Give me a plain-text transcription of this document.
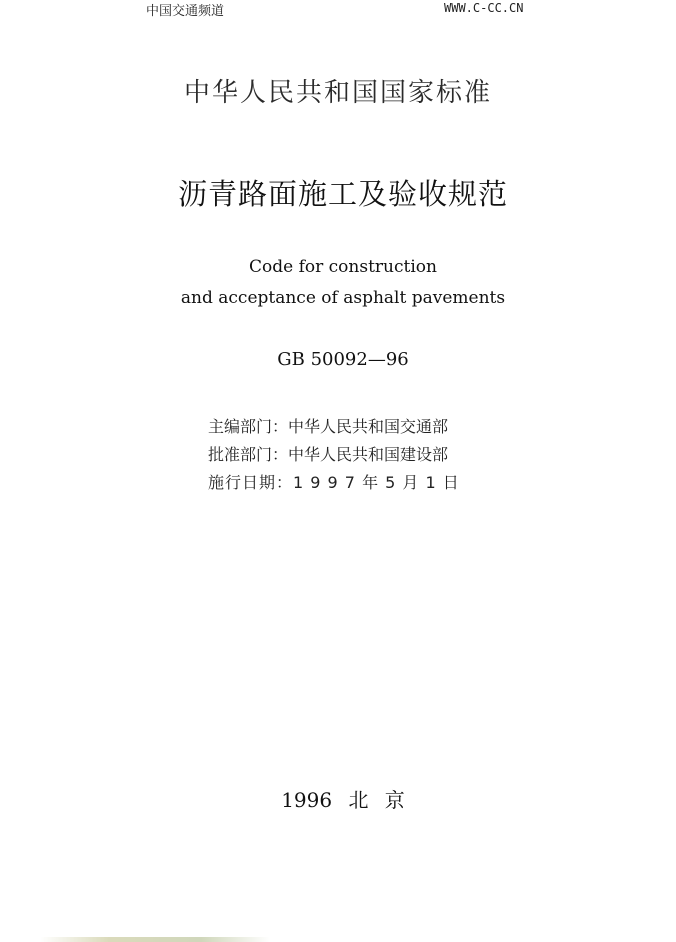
中国交通频道	WWW.C-CC.CN
中华人民共和国国家标准
沥青路面施工及验收规范
Code for construction
and acceptance of asphalt pavements
GB 50092—96
主编部门：中华人民共和国交通部
批准部门：中华人民共和国建设部
施行日期：1 9 9 7 年 5 月 1 日
1996 北 京
